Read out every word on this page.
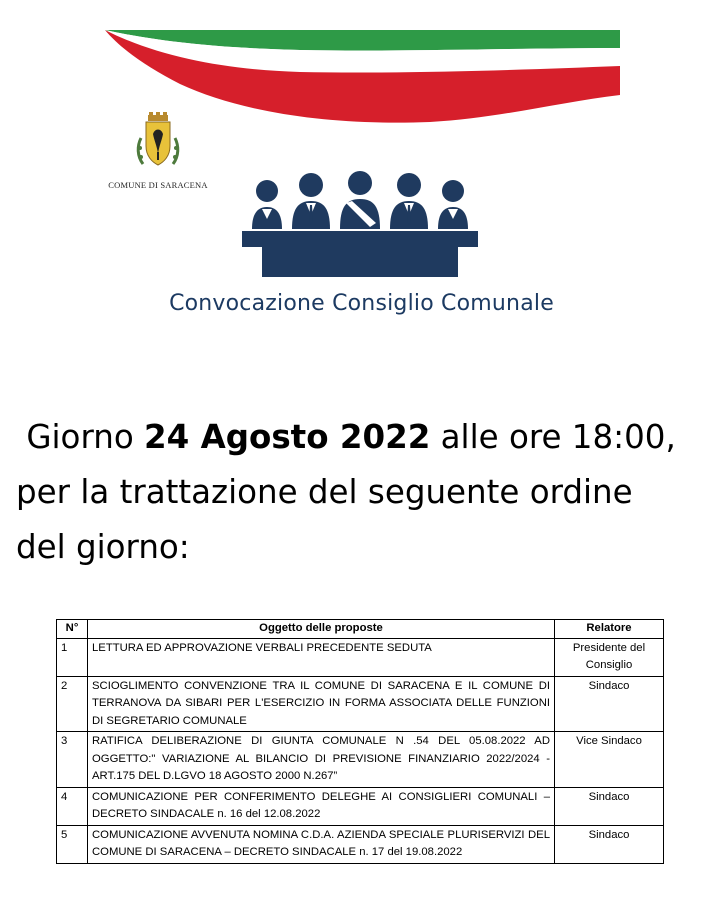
COMUNE DI SARACENA
Convocazione Consiglio Comunale
Giorno 24 Agosto 2022 alle ore 18:00,
per la trattazione del seguente ordine
del giorno:
N°	Oggetto delle proposte	Relatore
1	LETTURA ED APPROVAZIONE VERBALI PRECEDENTE SEDUTA	Presidente del Consiglio
2	SCIOGLIMENTO CONVENZIONE TRA IL COMUNE DI SARACENA E IL COMUNE DI TERRANOVA DA SIBARI PER L'ESERCIZIO IN FORMA ASSOCIATA DELLE FUNZIONI DI SEGRETARIO COMUNALE	Sindaco
3	RATIFICA DELIBERAZIONE DI GIUNTA COMUNALE N .54 DEL 05.08.2022 AD OGGETTO:" VARIAZIONE AL BILANCIO DI PREVISIONE FINANZIARIO 2022/2024 - ART.175 DEL D.LGVO 18 AGOSTO 2000 N.267”	Vice Sindaco
4	COMUNICAZIONE PER CONFERIMENTO DELEGHE AI CONSIGLIERI COMUNALI – DECRETO SINDACALE n. 16 del 12.08.2022	Sindaco
5	COMUNICAZIONE AVVENUTA NOMINA C.D.A. AZIENDA SPECIALE PLURISERVIZI DEL COMUNE DI SARACENA – DECRETO SINDACALE n. 17 del 19.08.2022	Sindaco
